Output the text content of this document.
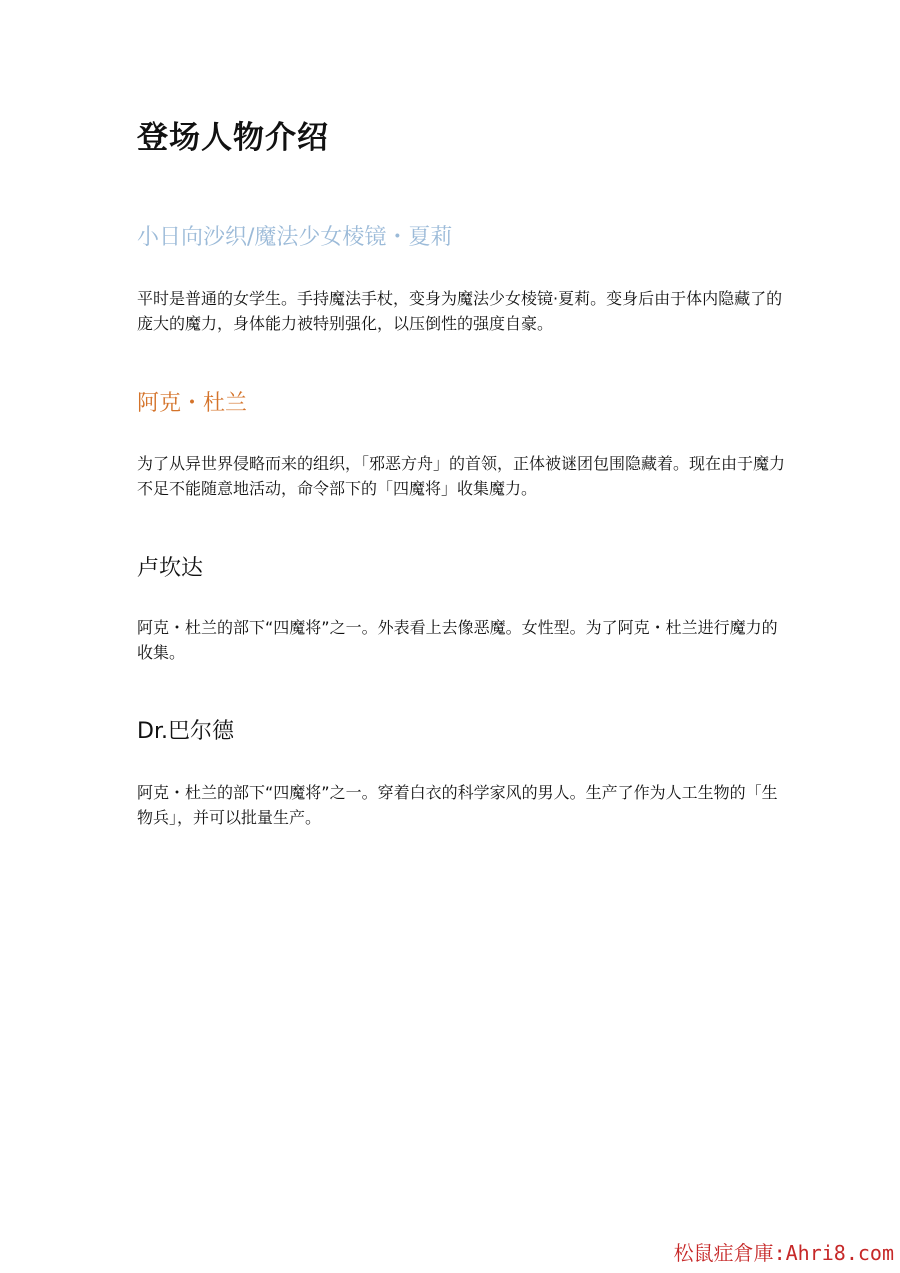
登场人物介绍
小日向沙织/魔法少女棱镜・夏莉

平时是普通的女学生。手持魔法手杖，变身为魔法少女棱镜·夏莉。变身后由于体内隐藏了的庞大的魔力，身体能力被特别强化，以压倒性的强度自豪。

阿克・杜兰

为了从异世界侵略而来的组织，「邪恶方舟」的首领，正体被谜团包围隐藏着。现在由于魔力不足不能随意地活动，命令部下的「四魔将」收集魔力。

卢坎达

阿克・杜兰的部下“四魔将”之一。外表看上去像恶魔。女性型。为了阿克・杜兰进行魔力的收集。

Dr.巴尔德

阿克・杜兰的部下“四魔将”之一。穿着白衣的科学家风的男人。生产了作为人工生物的「生物兵」，并可以批量生产。

松鼠症倉庫:Ahri8.com
